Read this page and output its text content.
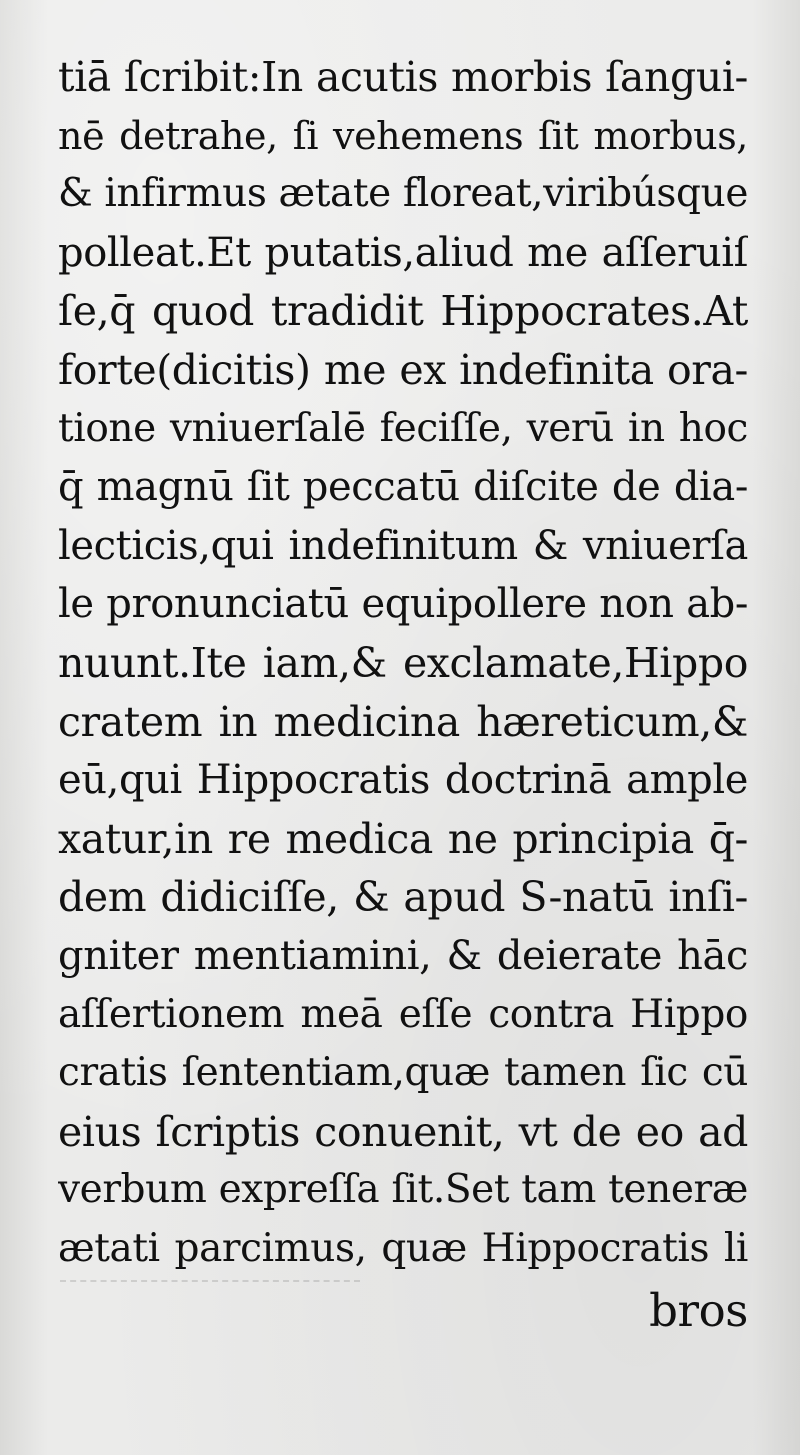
tiā ſcribit:In acutis morbis ſangui-
nē detrahe, ſi vehemens ſit morbus,
& infirmus ætate floreat,viribúsque
polleat.Et putatis,aliud me aſſeruiſ
ſe,q̄ quod tradidit Hippocrates.At
forte(dicitis) me ex indefinita ora-
tione vniuerſalē feciſſe, verū in hoc
q̄ magnū ſit peccatū diſcite de dia-
lecticis,qui indefinitum & vniuerſa
le pronunciatū equipollere non ab-
nuunt.Ite iam,& exclamate,Hippo
cratem in medicina hæreticum,&
eū,qui Hippocratis doctrinā ample
xatur,in re medica ne principia q̄-
dem didiciſſe, & apud S-natū inſi-
gniter mentiamini, & deierate hāc
aſſertionem meā eſſe contra Hippo
cratis ſententiam,quæ tamen ſic cū
eius ſcriptis conuenit, vt de eo ad
verbum expreſſa ſit.Set tam teneræ
ætati parcimus, quæ Hippocratis li
bros
